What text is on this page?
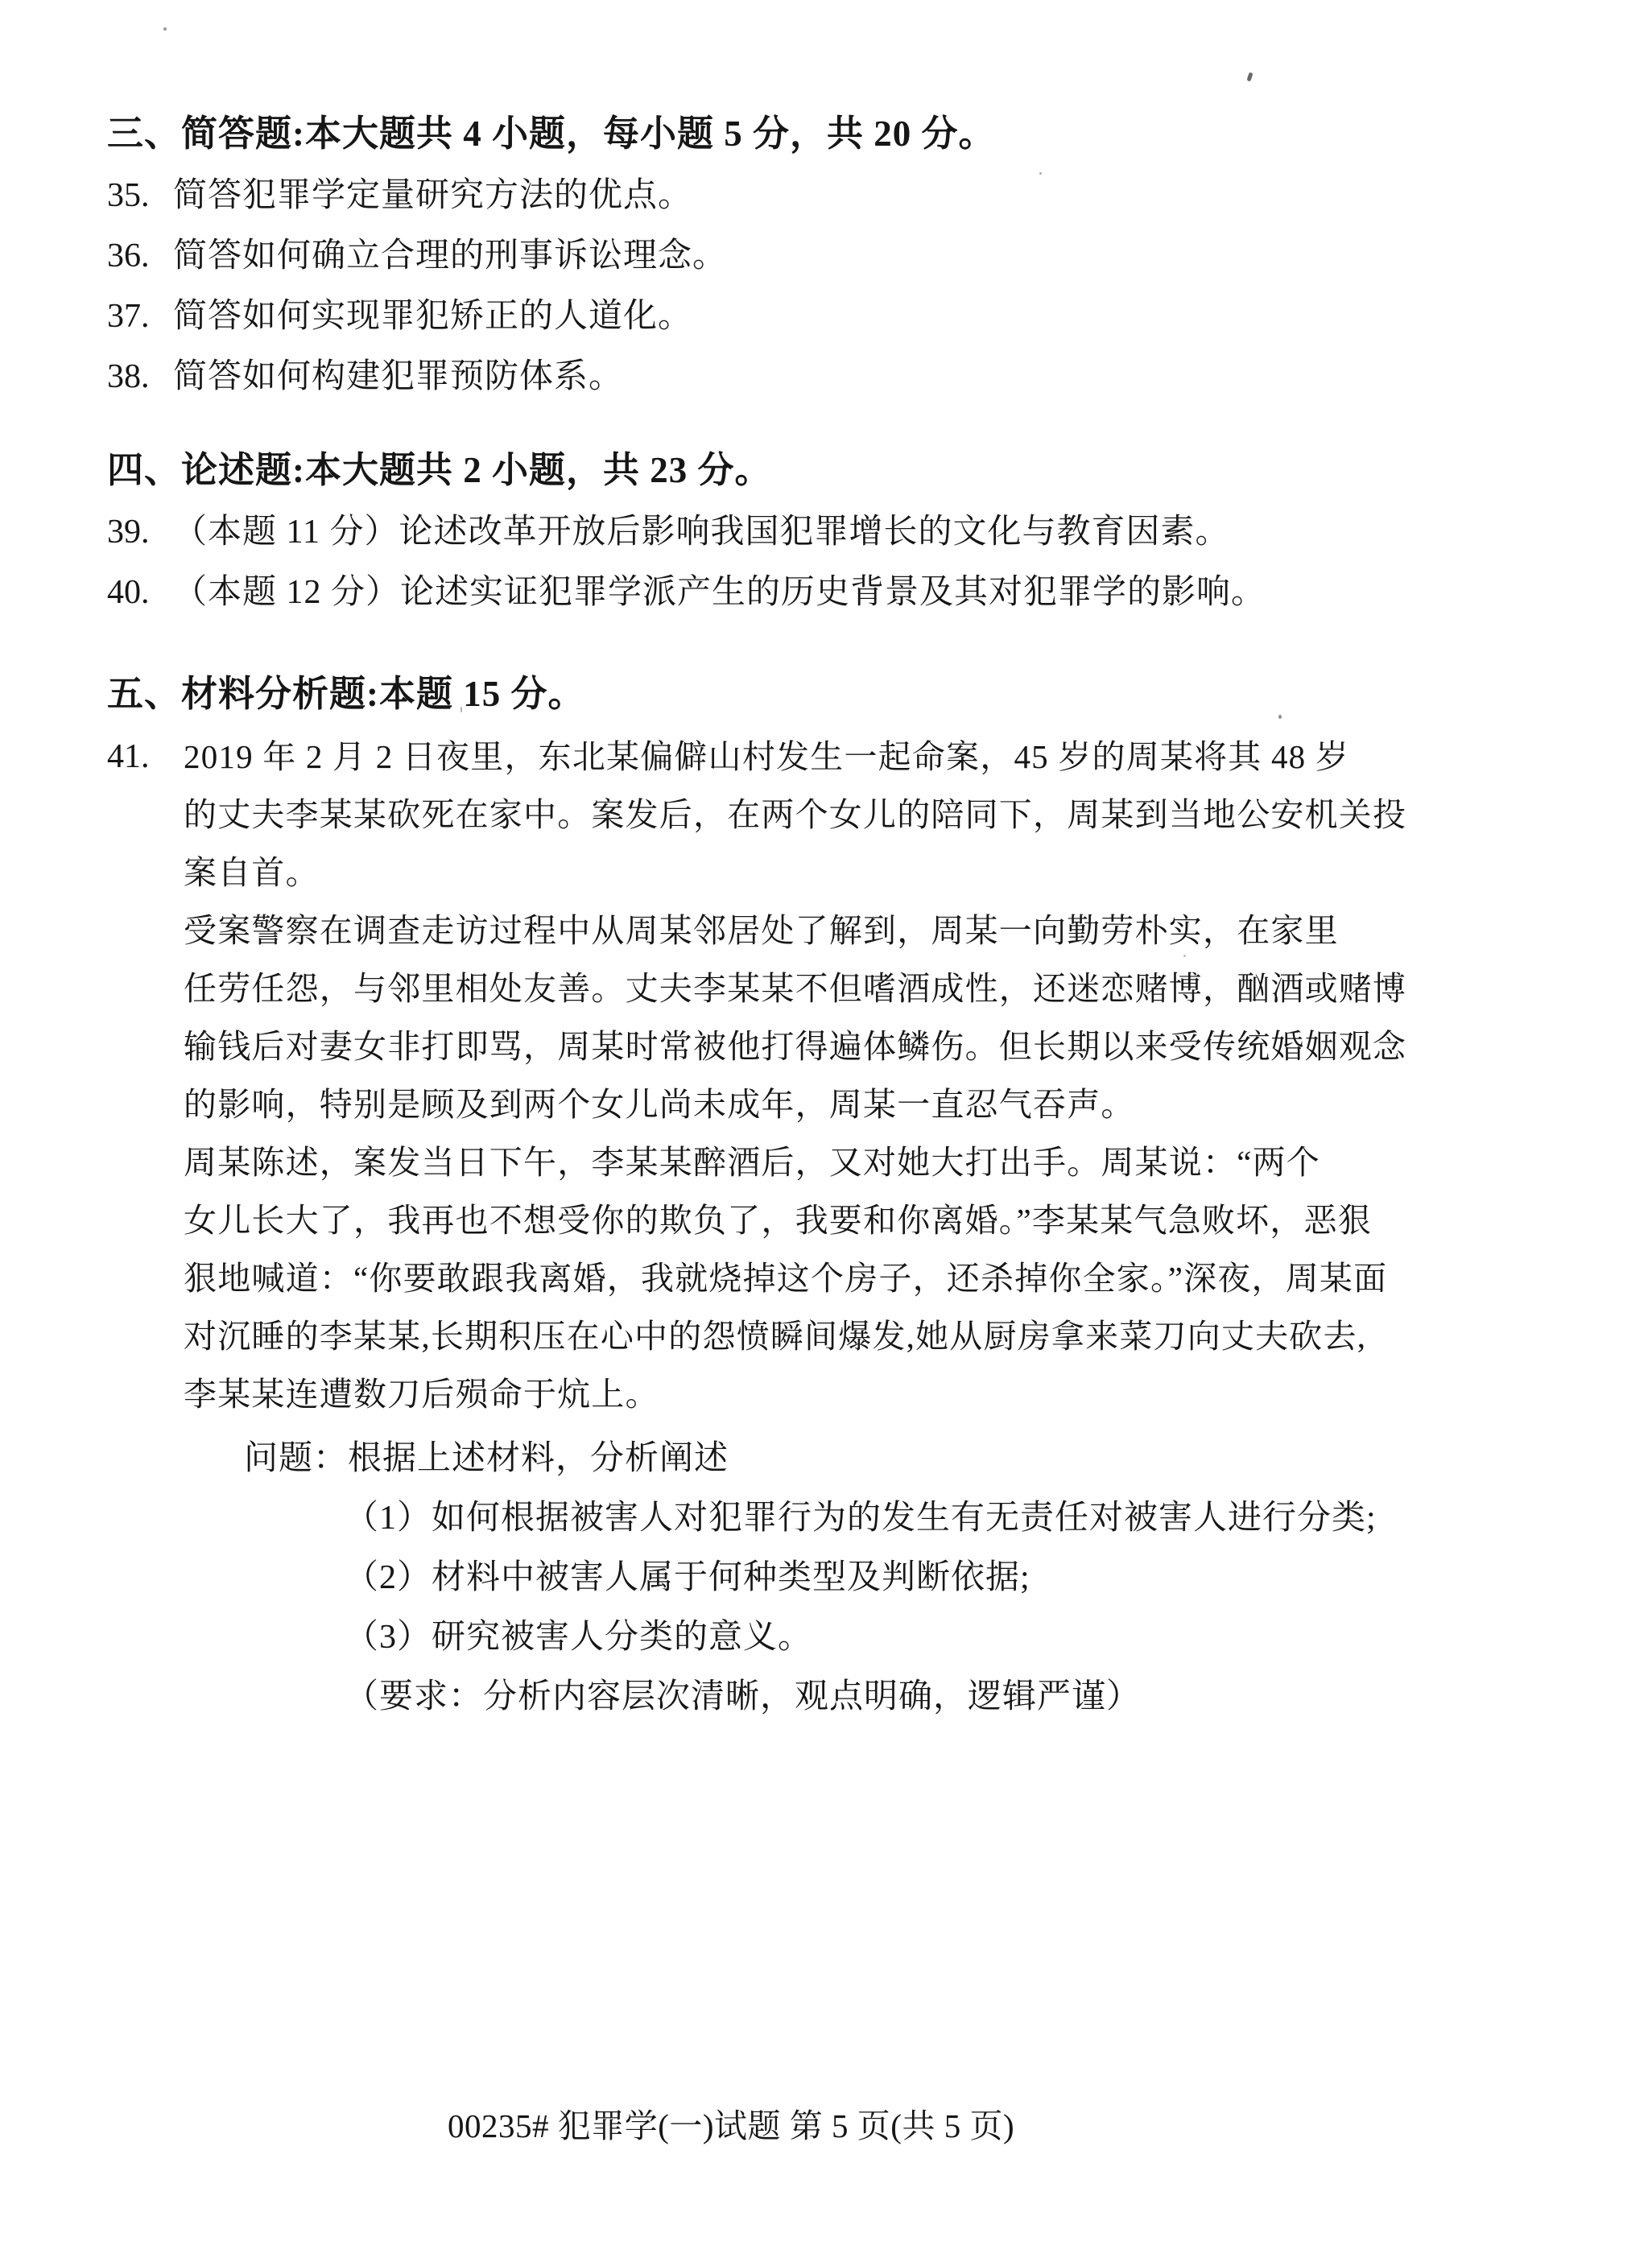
三、简答题:本大题共 4 小题，每小题 5 分，共 20 分。
35. 简答犯罪学定量研究方法的优点。
36. 简答如何确立合理的刑事诉讼理念。
37. 简答如何实现罪犯矫正的人道化。
38. 简答如何构建犯罪预防体系。
四、论述题:本大题共 2 小题，共 23 分。
39. （本题 11 分）论述改革开放后影响我国犯罪增长的文化与教育因素。
40. （本题 12 分）论述实证犯罪学派产生的历史背景及其对犯罪学的影响。
五、材料分析题:本题 15 分。
41. 2019 年 2 月 2 日夜里，东北某偏僻山村发生一起命案，45 岁的周某将其 48 岁
的丈夫李某某砍死在家中。案发后，在两个女儿的陪同下，周某到当地公安机关投
案自首。
受案警察在调查走访过程中从周某邻居处了解到，周某一向勤劳朴实，在家里
任劳任怨，与邻里相处友善。丈夫李某某不但嗜酒成性，还迷恋赌博，酗酒或赌博
输钱后对妻女非打即骂，周某时常被他打得遍体鳞伤。但长期以来受传统婚姻观念
的影响，特别是顾及到两个女儿尚未成年，周某一直忍气吞声。
周某陈述，案发当日下午，李某某醉酒后，又对她大打出手。周某说：“两个
女儿长大了，我再也不想受你的欺负了，我要和你离婚。”李某某气急败坏，恶狠
狠地喊道：“你要敢跟我离婚，我就烧掉这个房子，还杀掉你全家。”深夜，周某面
对沉睡的李某某,长期积压在心中的怨愤瞬间爆发,她从厨房拿来菜刀向丈夫砍去,
李某某连遭数刀后殒命于炕上。
问题：根据上述材料，分析阐述
（1）如何根据被害人对犯罪行为的发生有无责任对被害人进行分类;
（2）材料中被害人属于何种类型及判断依据;
（3）研究被害人分类的意义。
（要求：分析内容层次清晰，观点明确，逻辑严谨）
00235# 犯罪学(一)试题 第 5 页(共 5 页)
